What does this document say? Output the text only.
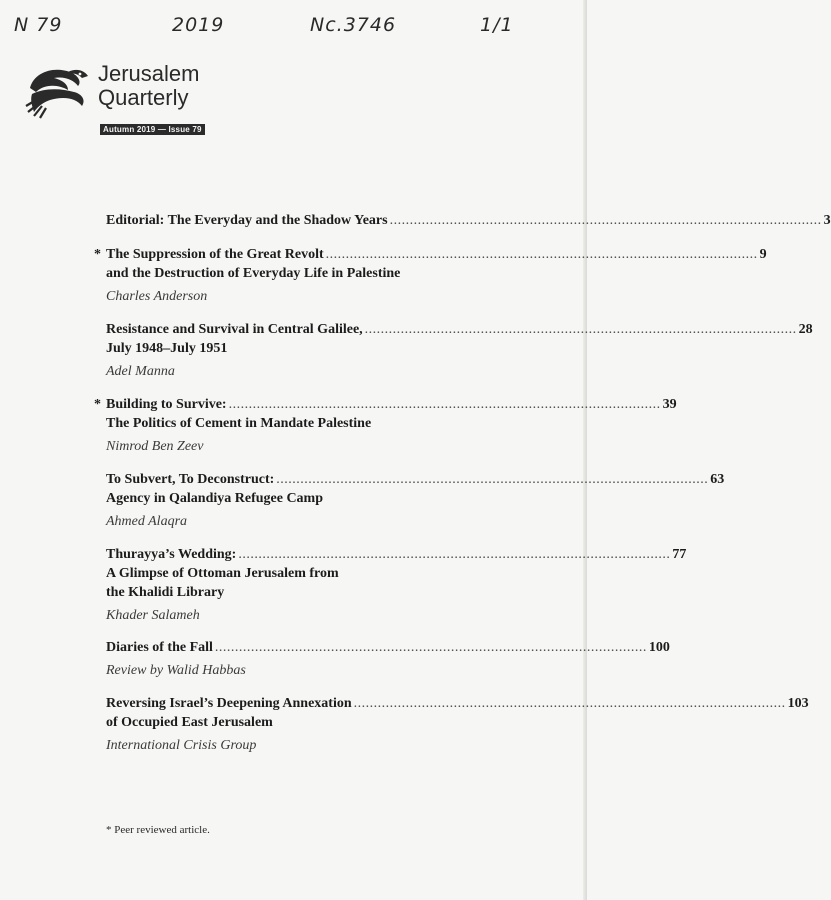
N 79	2019	Nc.3746	1/1
Jerusalem
Quarterly
Autumn 2019 — Issue 79
Editorial: The Everyday and the Shadow Years ............................................................................................................ 3
* The Suppression of the Great Revolt ............................................................................................................ 9
and the Destruction of Everyday Life in Palestine
Charles Anderson
Resistance and Survival in Central Galilee, ............................................................................................................ 28
July 1948–July 1951
Adel Manna
* Building to Survive: ............................................................................................................ 39
The Politics of Cement in Mandate Palestine
Nimrod Ben Zeev
To Subvert, To Deconstruct: ............................................................................................................ 63
Agency in Qalandiya Refugee Camp
Ahmed Alaqra
Thurayya’s Wedding: ............................................................................................................ 77
A Glimpse of Ottoman Jerusalem from
the Khalidi Library
Khader Salameh
Diaries of the Fall ............................................................................................................ 100
Review by Walid Habbas
Reversing Israel’s Deepening Annexation ............................................................................................................ 103
of Occupied East Jerusalem
International Crisis Group
* Peer reviewed article.
